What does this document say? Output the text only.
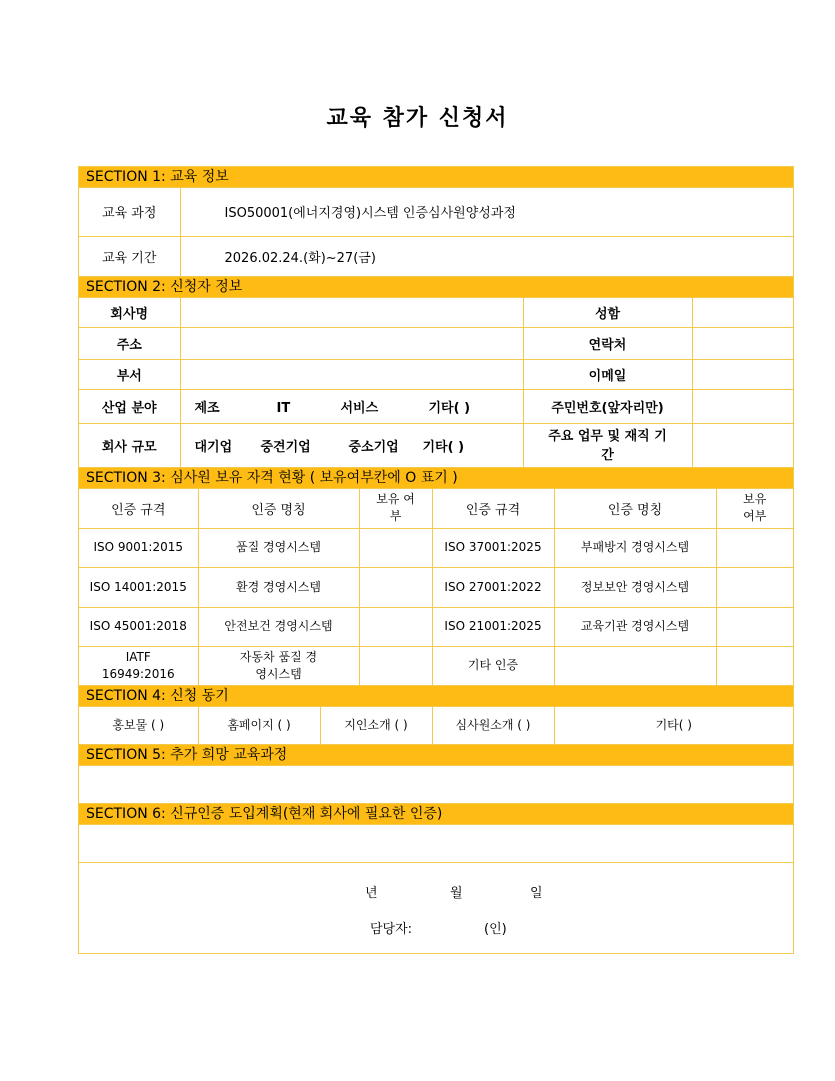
교육 참가 신청서
SECTION 1: 교육 정보
교육 과정	ISO50001(에너지경영)시스템 인증심사원양성과정
교육 기간	2026.02.24.(화)~27(금)
SECTION 2: 신청자 정보
회사명		성함	
주소		연락처	
부서		이메일	
산업 분야	제조 IT 서비스 기타( )	주민번호(앞자리만)	
회사 규모	대기업 중견기업 중소기업 기타( )	주요 업무 및 재직 기간	
SECTION 3: 심사원 보유 자격 현황 ( 보유여부칸에 O 표기 )
인증 규격	인증 명칭	보유 여부	인증 규격	인증 명칭	보유 여부
ISO 9001:2015	품질 경영시스템		ISO 37001:2025	부패방지 경영시스템	
ISO 14001:2015	환경 경영시스템		ISO 27001:2022	정보보안 경영시스템	
ISO 45001:2018	안전보건 경영시스템		ISO 21001:2025	교육기관 경영시스템	
IATF 16949:2016	자동차 품질 경영시스템		기타 인증		
SECTION 4: 신청 동기
홍보물 ( )	홈페이지 ( )	지인소개 ( )	심사원소개 ( )	기타( )
SECTION 5: 추가 희망 교육과정
SECTION 6: 신규인증 도입계획(현재 회사에 필요한 인증)
년	월	일
담당자:	(인)
